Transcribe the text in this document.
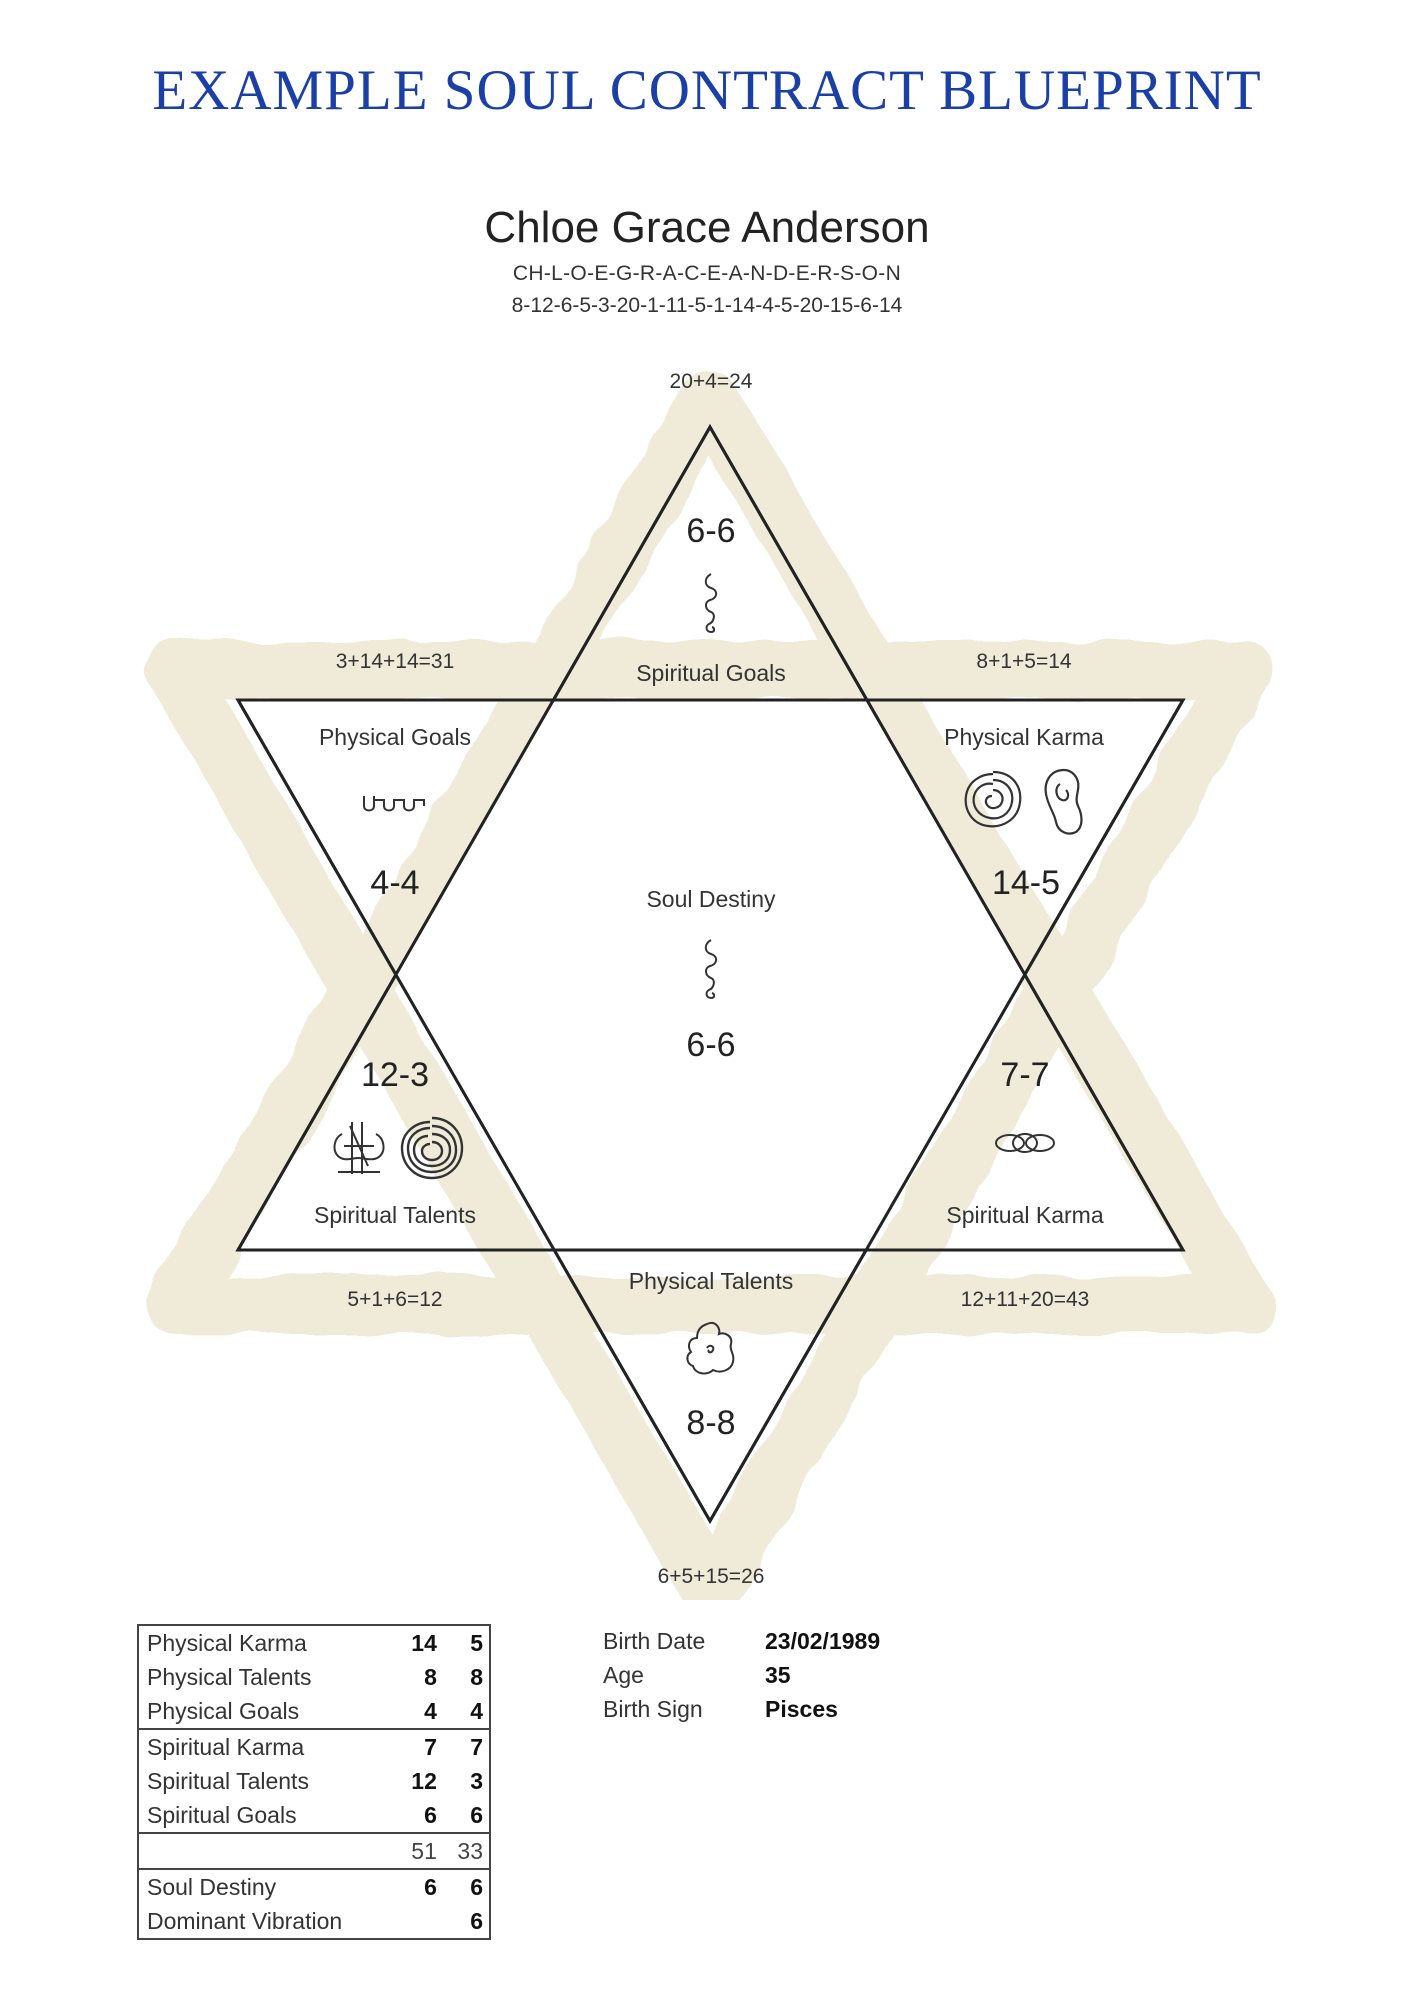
EXAMPLE SOUL CONTRACT BLUEPRINT
Chloe Grace Anderson
CH-L-O-E-G-R-A-C-E-A-N-D-E-R-S-O-N
8-12-6-5-3-20-1-11-5-1-14-4-5-20-15-6-14
20+4=24
3+14+14=31	8+1+5=14
5+1+6=12	12+11+20=43
6+5+15=26
6-6
Spiritual Goals
Physical Goals
4-4
Physical Karma
14-5
Soul Destiny
6-6
12-3
Spiritual Talents
7-7
Spiritual Karma
Physical Talents
8-8
Physical Karma	14	5
Physical Talents	8	8
Physical Goals	4	4
Spiritual Karma	7	7
Spiritual Talents	12	3
Spiritual Goals	6	6
	51	33
Soul Destiny	6	6
Dominant Vibration		6
Birth Date	23/02/1989
Age	35
Birth Sign	Pisces
